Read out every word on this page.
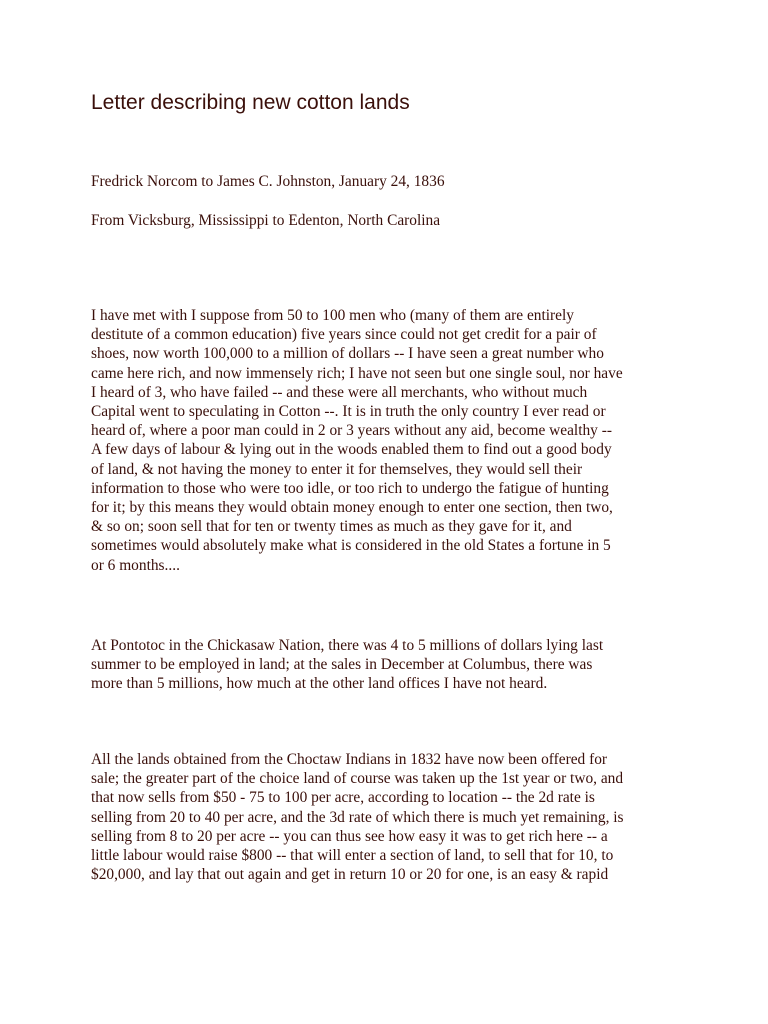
Letter describing new cotton lands

Fredrick Norcom to James C. Johnston, January 24, 1836

From Vicksburg, Mississippi to Edenton, North Carolina

I have met with I suppose from 50 to 100 men who (many of them are entirely
destitute of a common education) five years since could not get credit for a pair of
shoes, now worth 100,000 to a million of dollars -- I have seen a great number who
came here rich, and now immensely rich; I have not seen but one single soul, nor have
I heard of 3, who have failed -- and these were all merchants, who without much
Capital went to speculating in Cotton --. It is in truth the only country I ever read or
heard of, where a poor man could in 2 or 3 years without any aid, become wealthy --
A few days of labour & lying out in the woods enabled them to find out a good body
of land, & not having the money to enter it for themselves, they would sell their
information to those who were too idle, or too rich to undergo the fatigue of hunting
for it; by this means they would obtain money enough to enter one section, then two,
& so on; soon sell that for ten or twenty times as much as they gave for it, and
sometimes would absolutely make what is considered in the old States a fortune in 5
or 6 months....
At Pontotoc in the Chickasaw Nation, there was 4 to 5 millions of dollars lying last
summer to be employed in land; at the sales in December at Columbus, there was
more than 5 millions, how much at the other land offices I have not heard.
All the lands obtained from the Choctaw Indians in 1832 have now been offered for
sale; the greater part of the choice land of course was taken up the 1st year or two, and
that now sells from $50 - 75 to 100 per acre, according to location -- the 2d rate is
selling from 20 to 40 per acre, and the 3d rate of which there is much yet remaining, is
selling from 8 to 20 per acre -- you can thus see how easy it was to get rich here -- a
little labour would raise $800 -- that will enter a section of land, to sell that for 10, to
$20,000, and lay that out again and get in return 10 or 20 for one, is an easy & rapid
